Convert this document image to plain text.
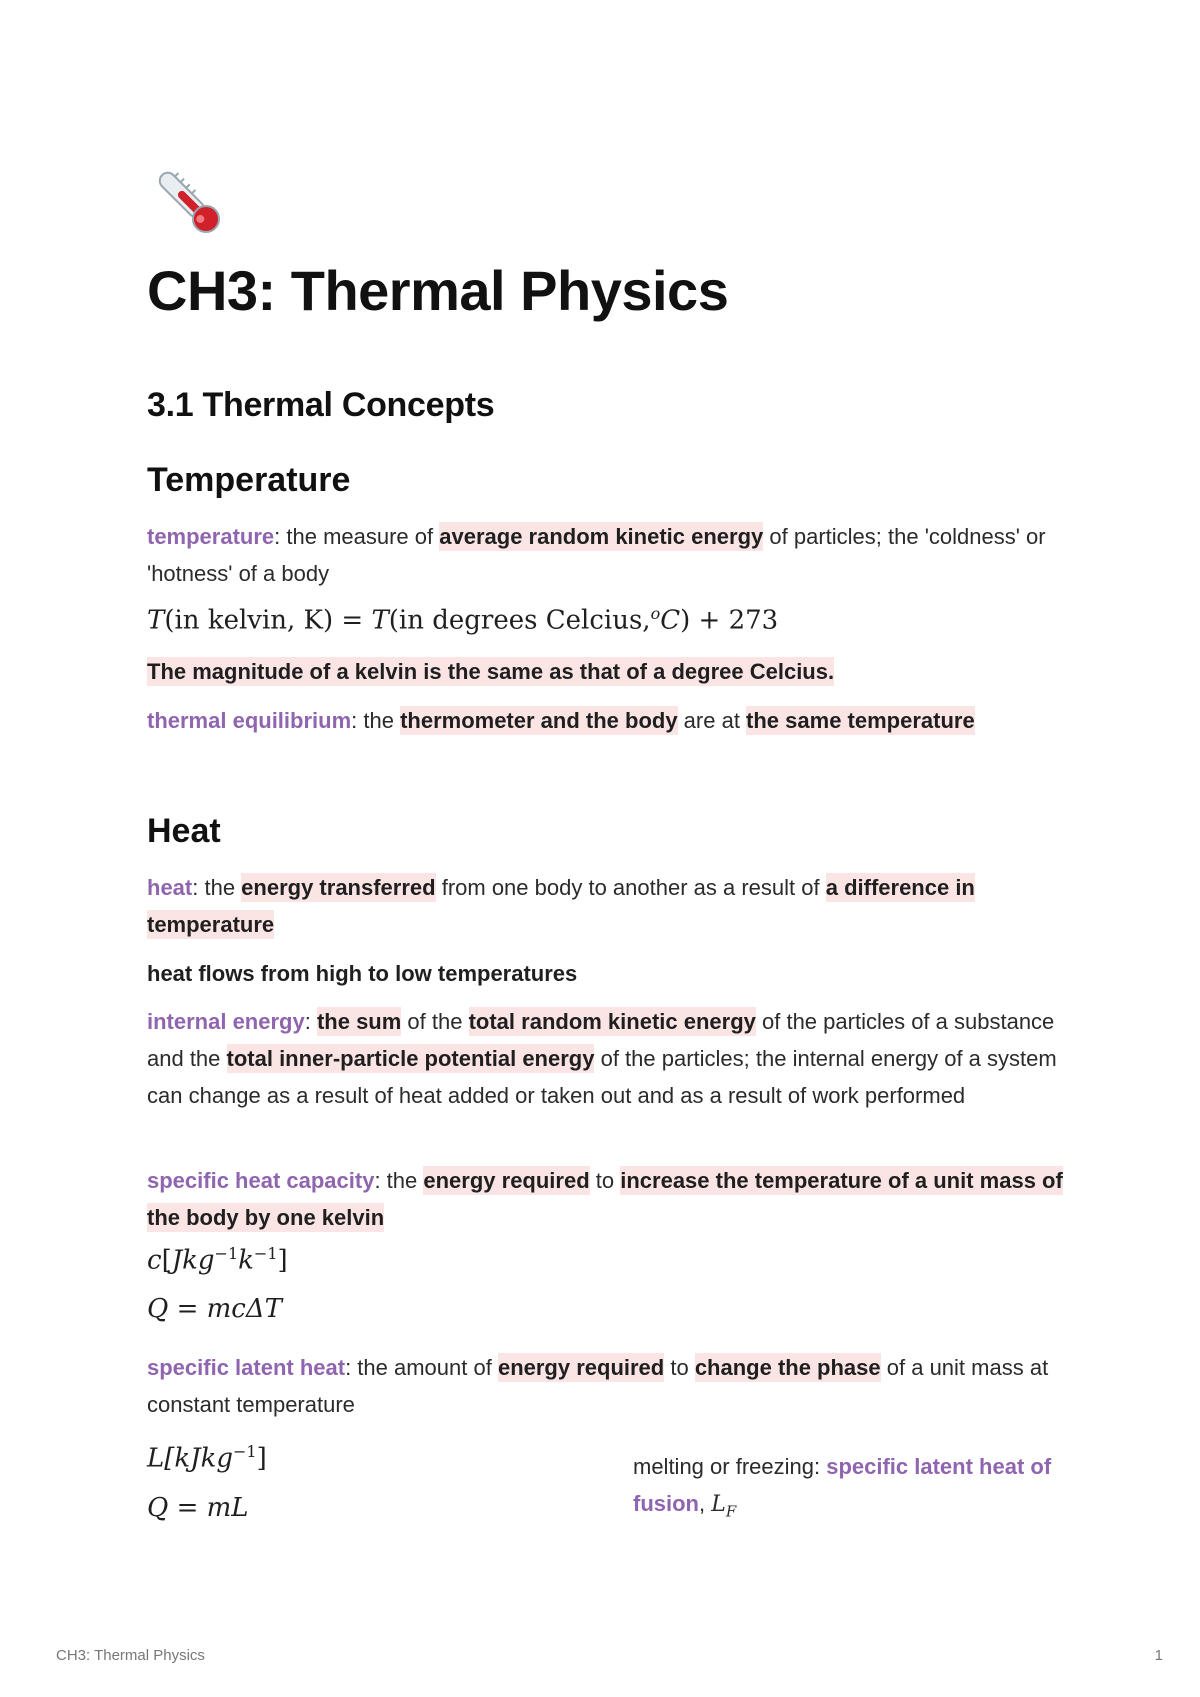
CH3: Thermal Physics
3.1 Thermal Concepts
Temperature

temperature: the measure of average random kinetic energy of particles; the 'coldness' or 'hotness' of a body

T(in kelvin, K) = T(in degrees Celcius,$^o$C) + 273

The magnitude of a kelvin is the same as that of a degree Celcius.

thermal equilibrium: the thermometer and the body are at the same temperature

Heat

heat: the energy transferred from one body to another as a result of a difference in temperature

heat flows from high to low temperatures

internal energy: the sum of the total random kinetic energy of the particles of a substance and the total inner-particle potential energy of the particles; the internal energy of a system can change as a result of heat added or taken out and as a result of work performed

specific heat capacity: the energy required to increase the temperature of a unit mass of the body by one kelvin

$c[Jkg^{-1}k^{-1}]$

Q = mcΔT

specific latent heat: the amount of energy required to change the phase of a unit mass at constant temperature

L[kJkg$^{-1}$]

Q = mL

melting or freezing: specific latent heat of fusion, $L_F$
CH3: Thermal Physics	1
